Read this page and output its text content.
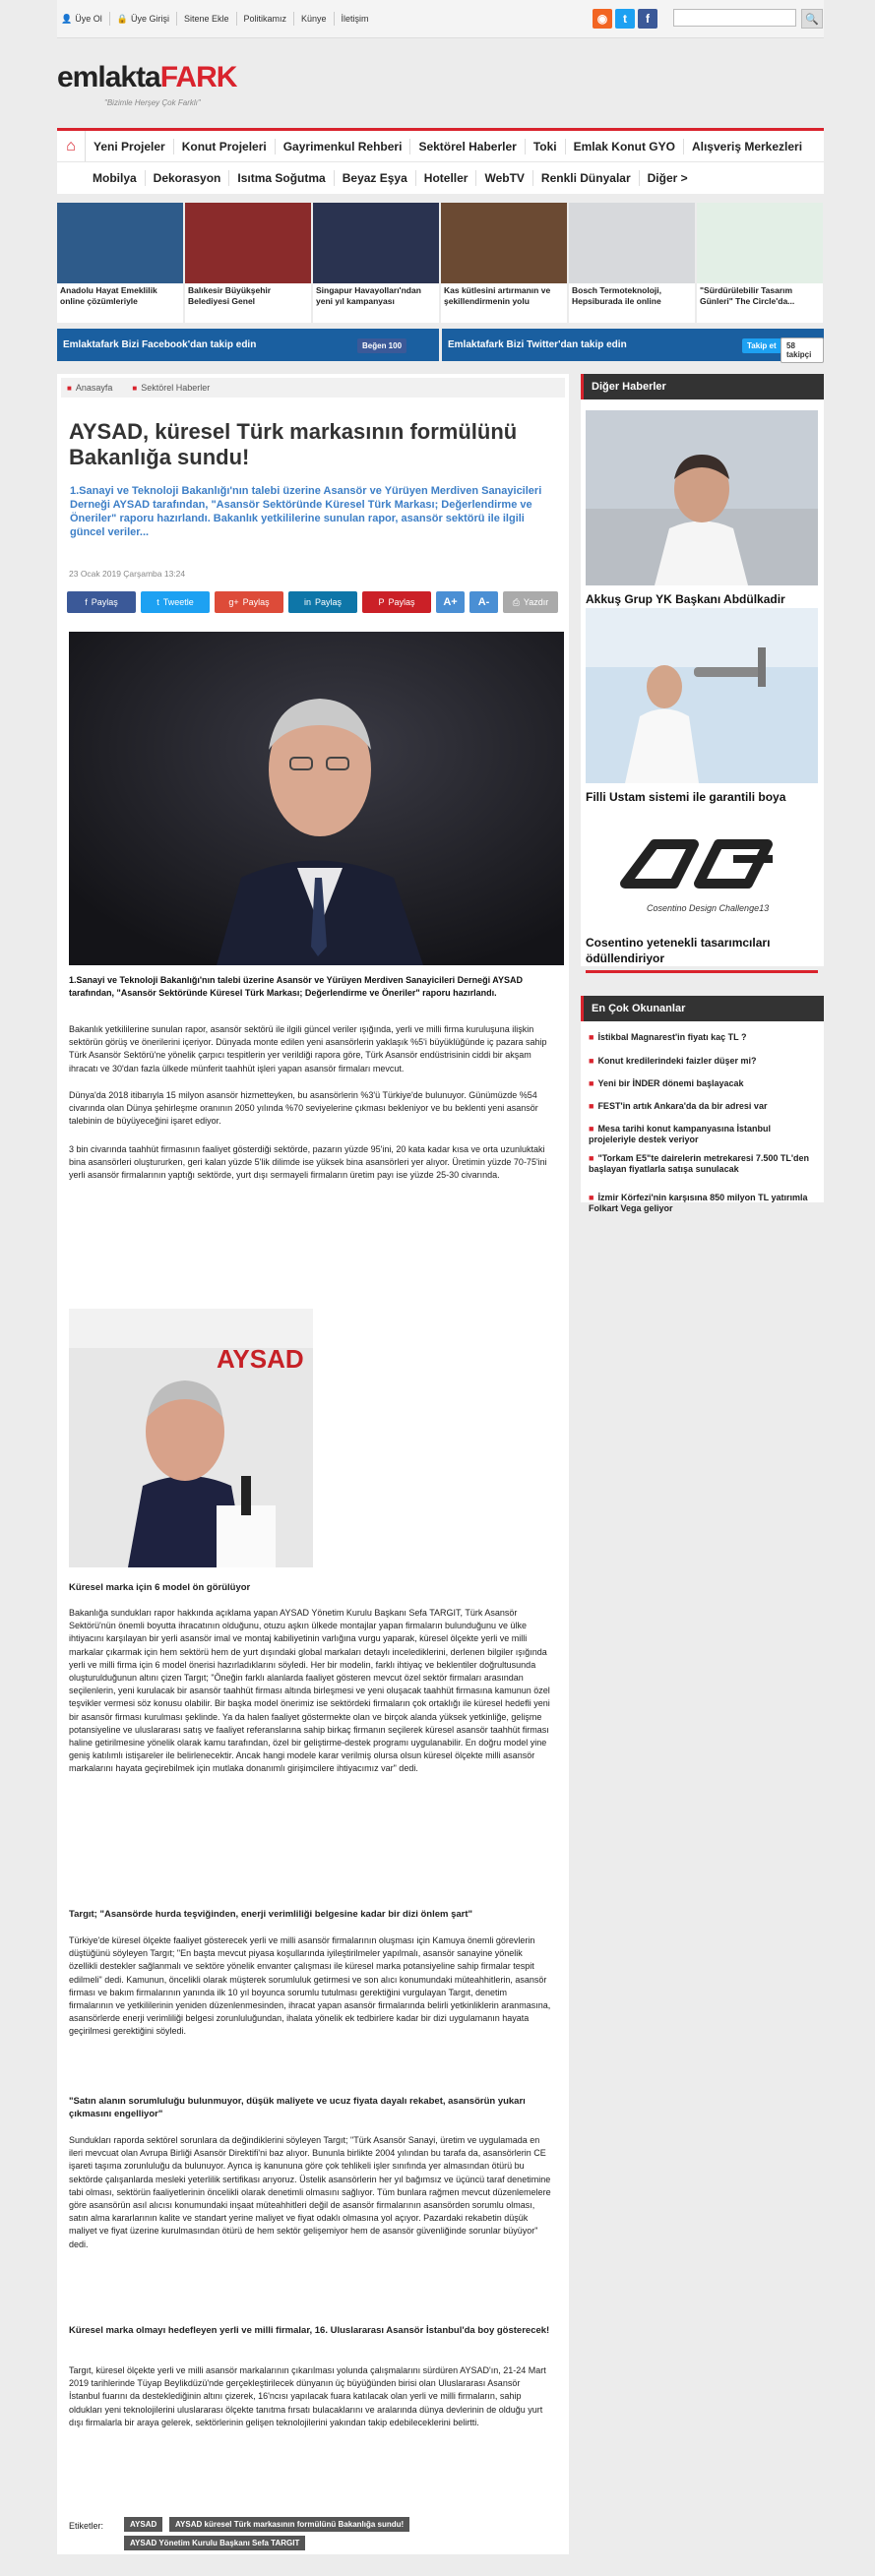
👤 Üye Ol 🔒 Üye Girişi	Sitene Ekle	Politikamız	Künye	İletişim	◉	t	f	🔍
emlaktaFARK
"Bizimle Herşey Çok Farklı"
⌂	Yeni Projeler	Konut Projeleri	Gayrimenkul Rehberi	Sektörel Haberler	Toki	Emlak Konut GYO	Alışveriş Merkezleri
Mobilya	Dekorasyon	Isıtma Soğutma	Beyaz Eşya	Hoteller	WebTV	Renkli Dünyalar	Diğer >
Anadolu Hayat Emeklilik online çözümleriyle
Balıkesir Büyükşehir Belediyesi Genel
Singapur Havayolları'ndan yeni yıl kampanyası
Kas kütlesini artırmanın ve şekillendirmenin yolu
Bosch Termoteknoloji, Hepsiburada ile online
"Sürdürülebilir Tasarım Günleri" The Circle'da...
Emlaktafark Bizi Facebook'dan takip edin	Beğen 100	Emlaktafark Bizi Twitter'dan takip edin	Takip et	58 takipçi
■ Anasayfa	■ Sektörel Haberler
AYSAD, küresel Türk markasının formülünü Bakanlığa sundu!
1.Sanayi ve Teknoloji Bakanlığı'nın talebi üzerine Asansör ve Yürüyen Merdiven Sanayicileri Derneği AYSAD tarafından, "Asansör Sektöründe Küresel Türk Markası; Değerlendirme ve Öneriler" raporu hazırlandı. Bakanlık yetkililerine sunulan rapor, asansör sektörü ile ilgili güncel veriler...
23 Ocak 2019 Çarşamba 13:24
f Paylaş	t Tweetle	g+ Paylaş	in Paylaş	P Paylaş	A+	A-	⎙ Yazdır
1.Sanayi ve Teknoloji Bakanlığı'nın talebi üzerine Asansör ve Yürüyen Merdiven Sanayicileri Derneği AYSAD tarafından, "Asansör Sektöründe Küresel Türk Markası; Değerlendirme ve Öneriler" raporu hazırlandı.
Bakanlık yetkililerine sunulan rapor, asansör sektörü ile ilgili güncel veriler ışığında, yerli ve milli firma kuruluşuna ilişkin sektörün görüş ve önerilerini içeriyor. Dünyada monte edilen yeni asansörlerin yaklaşık %5'i büyüklüğünde iç pazara sahip Türk Asansör Sektörü'ne yönelik çarpıcı tespitlerin yer verildiği rapora göre, Türk Asansör endüstrisinin ciddi bir akşam ihracatı ve 30'dan fazla ülkede münferit taahhüt işleri yapan asansör firmaları mevcut.
Dünya'da 2018 itibarıyla 15 milyon asansör hizmetteyken, bu asansörlerin %3'ü Türkiye'de bulunuyor. Günümüzde %54 civarında olan Dünya şehirleşme oranının 2050 yılında %70 seviyelerine çıkması bekleniyor ve bu beklenti yeni asansör talebinin de büyüyeceğini işaret ediyor.
3 bin civarında taahhüt firmasının faaliyet gösterdiği sektörde, pazarın yüzde 95'ini, 20 kata kadar kısa ve orta uzunluktaki bina asansörleri oluştururken, geri kalan yüzde 5'lik dilimde ise yüksek bina asansörleri yer alıyor. Üretimin yüzde 70-75'ini yerli asansör firmalarının yaptığı sektörde, yurt dışı sermayeli firmaların üretim payı ise yüzde 25-30 civarında.
AYSAD
Küresel marka için 6 model ön görülüyor
Bakanlığa sundukları rapor hakkında açıklama yapan AYSAD Yönetim Kurulu Başkanı Sefa TARGIT, Türk Asansör Sektörü'nün önemli boyutta ihracatının olduğunu, otuzu aşkın ülkede montajlar yapan firmaların bulunduğunu ve ülke ihtiyacını karşılayan bir yerli asansör imal ve montaj kabiliyetinin varlığına vurgu yaparak, küresel ölçekte yerli ve milli markalar çıkarmak için hem sektörü hem de yurt dışındaki global markaları detaylı incelediklerini, derlenen bilgiler ışığında yerli ve milli firma için 6 model önerisi hazırladıklarını söyledi. Her bir modelin, farklı ihtiyaç ve beklentiler doğrultusunda oluşturulduğunun altını çizen Targıt; "Öneğin farklı alanlarda faaliyet gösteren mevcut özel sektör firmaları arasından seçilenlerin, yeni kurulacak bir asansör taahhüt firması altında birleşmesi ve yeni oluşacak taahhüt firmasına kamunun özel teşvikler vermesi söz konusu olabilir. Bir başka model önerimiz ise sektördeki firmaların çok ortaklığı ile küresel hedefli yeni bir asansör firması kurulması şeklinde. Ya da halen faaliyet göstermekte olan ve birçok alanda yüksek yetkinliğe, gelişme potansiyeline ve uluslararası satış ve faaliyet referanslarına sahip birkaç firmanın seçilerek küresel asansör taahhüt firması haline getirilmesine yönelik olarak kamu tarafından, özel bir geliştirme-destek programı uygulanabilir. En doğru model yine geniş katılımlı istişareler ile belirlenecektir. Ancak hangi modele karar verilmiş olursa olsun küresel ölçekte milli asansör markalarını hayata geçirebilmek için mutlaka donanımlı girişimcilere ihtiyacımız var" dedi.
Targıt; "Asansörde hurda teşviğinden, enerji verimliliği belgesine kadar bir dizi önlem şart"
Türkiye'de küresel ölçekte faaliyet gösterecek yerli ve milli asansör firmalarının oluşması için Kamuya önemli görevlerin düştüğünü söyleyen Targıt; "En başta mevcut piyasa koşullarında iyileştirilmeler yapılmalı, asansör sanayine yönelik özellikli destekler sağlanmalı ve sektöre yönelik envanter çalışması ile küresel marka potansiyeline sahip firmalar tespit edilmeli" dedi. Kamunun, öncelikli olarak müşterek sorumluluk getirmesi ve son alıcı konumundaki müteahhitlerin, asansör firması ve bakım firmalarının yanında ilk 10 yıl boyunca sorumlu tutulması gerektiğini vurgulayan Targıt, denetim firmalarının ve yetkililerinin yeniden düzenlenmesinden, ihracat yapan asansör firmalarında belirli yetkinliklerin aranmasına, asansörlerde enerji verimliliği belgesi zorunluluğundan, ihalata yönelik ek tedbirlere kadar bir dizi uygulamanın hayata geçirilmesi gerektiğini söyledi.
"Satın alanın sorumluluğu bulunmuyor, düşük maliyete ve ucuz fiyata dayalı rekabet, asansörün yukarı çıkmasını engelliyor"
Sundukları raporda sektörel sorunlara da değindiklerini söyleyen Targıt; "Türk Asansör Sanayi, üretim ve uygulamada en ileri mevcuat olan Avrupa Birliği Asansör Direktifi'ni baz alıyor. Bununla birlikte 2004 yılından bu tarafa da, asansörlerin CE işareti taşıma zorunluluğu da bulunuyor. Ayrıca iş kanununa göre çok tehlikeli işler sınıfında yer almasından ötürü bu sektörde çalışanlarda mesleki yeterlilik sertifikası arıyoruz. Üstelik asansörlerin her yıl bağımsız ve üçüncü taraf denetimine tabi olması, sektörün faaliyetlerinin öncelikli olarak denetimli olmasını sağlıyor. Tüm bunlara rağmen mevcut düzenlemelere göre asansörün asıl alıcısı konumundaki inşaat müteahhitleri değil de asansör firmalarının asansörden sorumlu olması, satın alma kararlarının kalite ve standart yerine maliyet ve fiyat odaklı olmasına yol açıyor. Pazardaki rekabetin düşük maliyet ve fiyat üzerine kurulmasından ötürü de hem sektör gelişemiyor hem de asansör güvenliğinde sorunlar büyüyor" dedi.
Küresel marka olmayı hedefleyen yerli ve milli firmalar, 16. Uluslararası Asansör İstanbul'da boy gösterecek!
Targıt, küresel ölçekte yerli ve milli asansör markalarının çıkarılması yolunda çalışmalarını sürdüren AYSAD'ın, 21-24 Mart 2019 tarihlerinde Tüyap Beylikdüzü'nde gerçekleştirilecek dünyanın üç büyüğünden birisi olan Uluslararası Asansör İstanbul fuarını da desteklediğinin altını çizerek, 16'ncısı yapılacak fuara katılacak olan yerli ve milli firmaların, sahip oldukları yeni teknolojilerini uluslararası ölçekte tanıtma fırsatı bulacaklarını ve aralarında dünya devlerinin de olduğu yurt dışı firmalarla bir araya gelerek, sektörlerinin gelişen teknolojilerini yakından takip edebileceklerini belirtti.
Etiketler:	AYSAD	AYSAD küresel Türk markasının formülünü Bakanlığa sundu!
AYSAD Yönetim Kurulu Başkanı Sefa TARGIT
Diğer Haberler
Akkuş Grup YK Başkanı Abdülkadir
Filli Ustam sistemi ile garantili boya
Cosentino Design Challenge13
Cosentino yetenekli tasarımcıları ödüllendiriyor
En Çok Okunanlar
■ İstikbal Magnarest'in fiyatı kaç TL ?
■ Konut kredilerindeki faizler düşer mi?
■ Yeni bir İNDER dönemi başlayacak
■ FEST'in artık Ankara'da da bir adresi var
■ Mesa tarihi konut kampanyasına İstanbul projeleriyle destek veriyor
■ "Torkam E5"te dairelerin metrekaresi 7.500 TL'den başlayan fiyatlarla satışa sunulacak
■ İzmir Körfezi'nin karşısına 850 milyon TL yatırımla Folkart Vega geliyor
